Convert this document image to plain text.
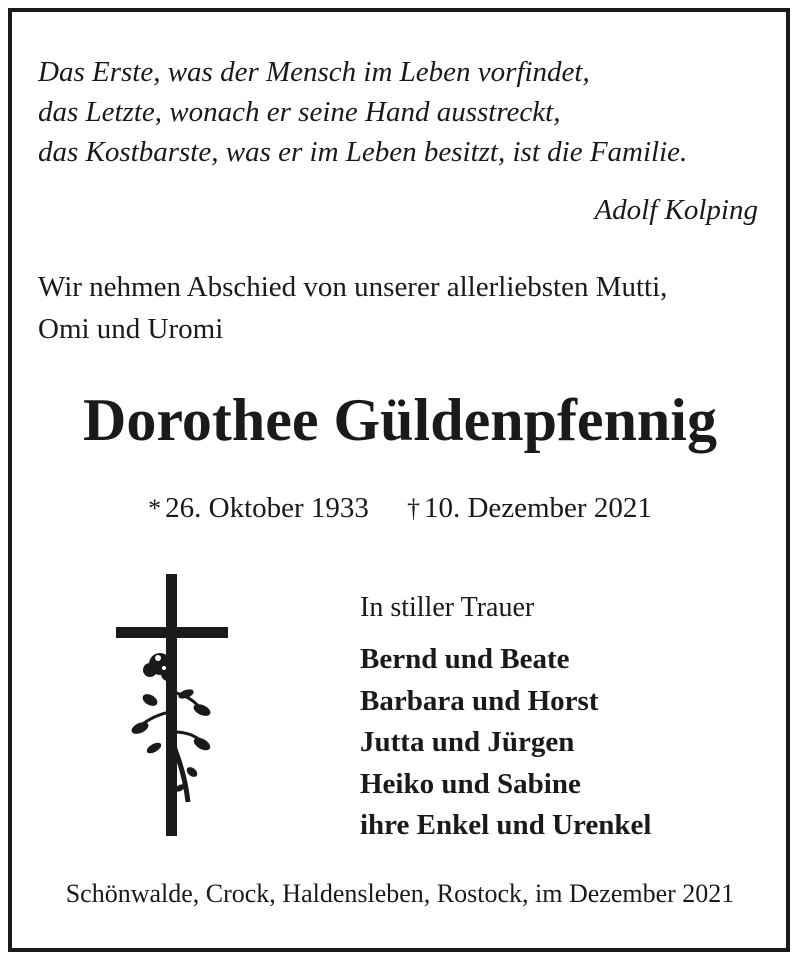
Das Erste, was der Mensch im Leben vorfindet,
das Letzte, wonach er seine Hand ausstreckt,
das Kostbarste, was er im Leben besitzt, ist die Familie.
Adolf Kolping
Wir nehmen Abschied von unserer allerliebsten Mutti,
Omi und Uromi
Dorothee Güldenpfennig
* 26. Oktober 1933 † 10. Dezember 2021
In stiller Trauer
Bernd und Beate
Barbara und Horst
Jutta und Jürgen
Heiko und Sabine
ihre Enkel und Urenkel
Schönwalde, Crock, Haldensleben, Rostock, im Dezember 2021
